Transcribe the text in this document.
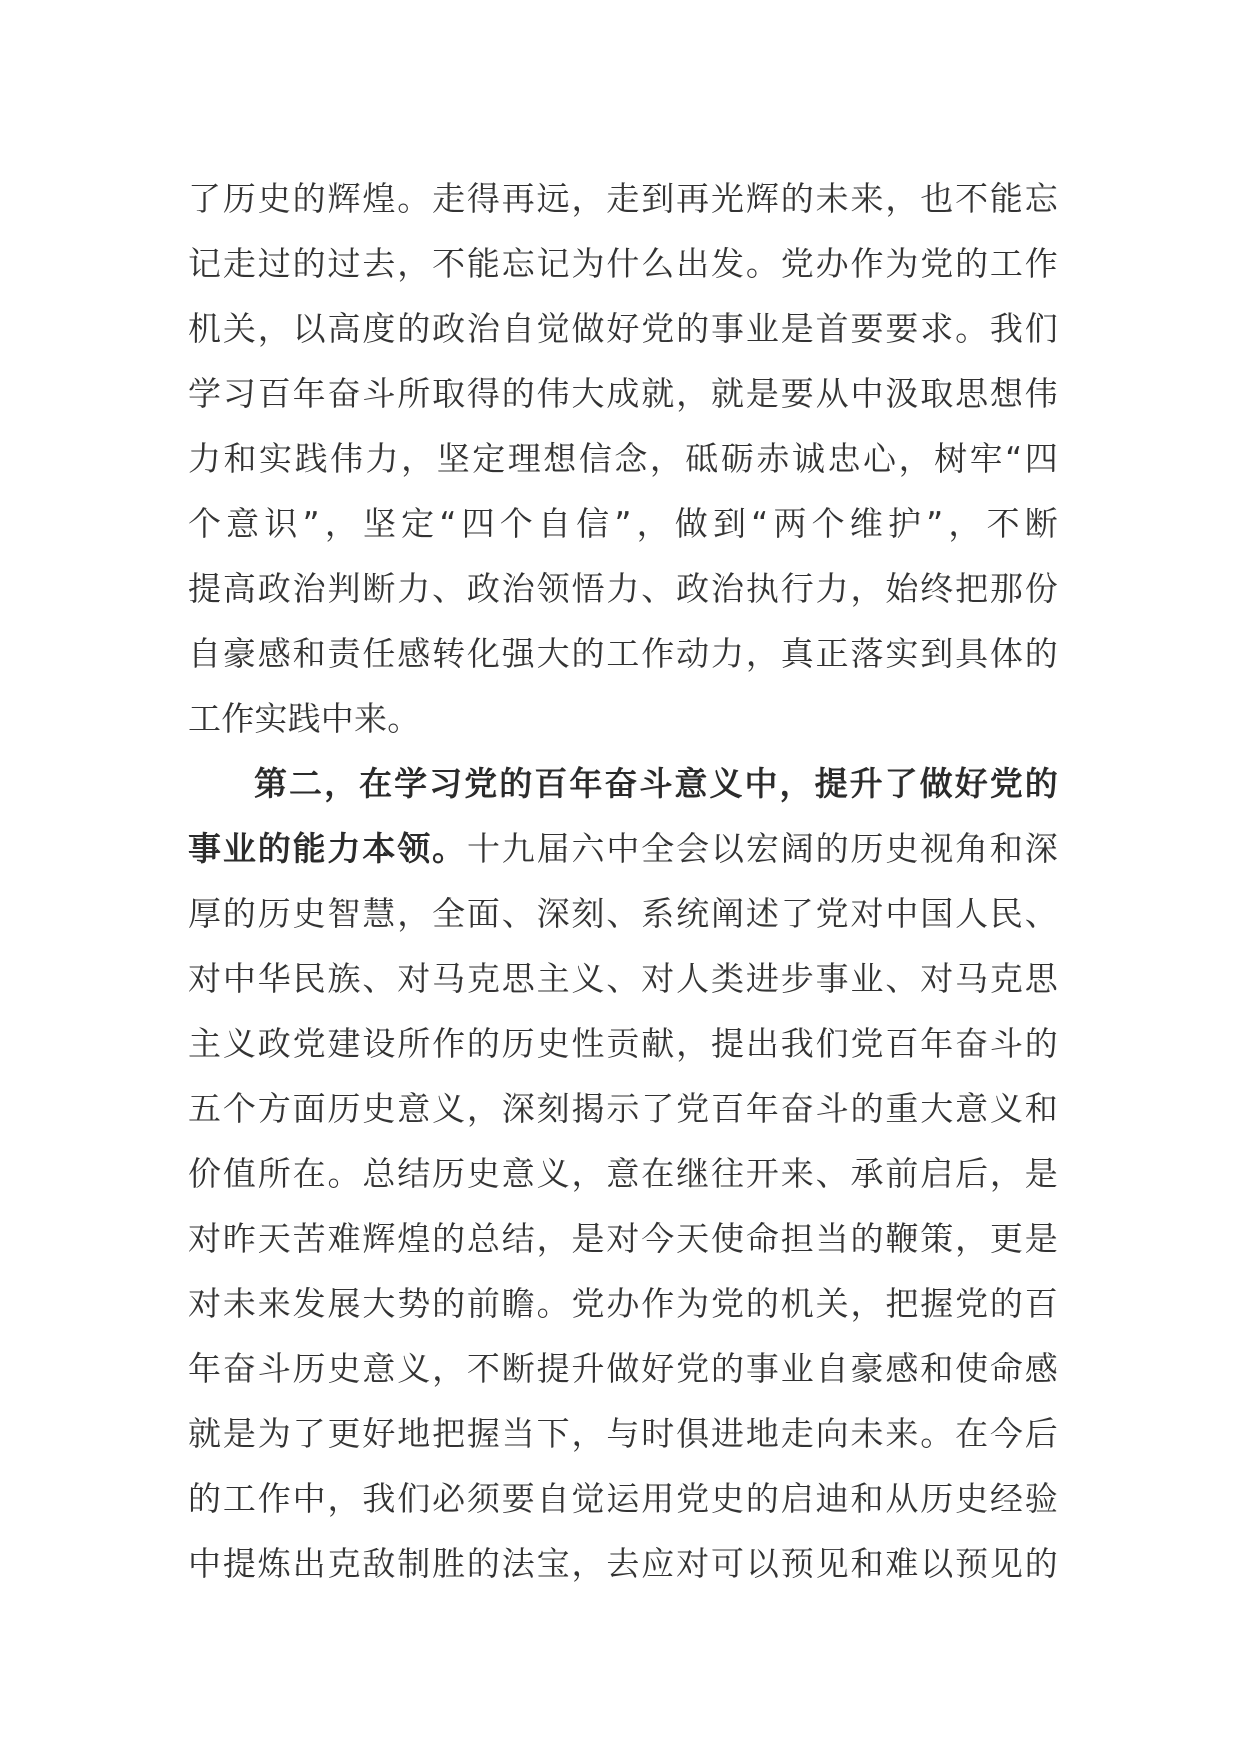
了历史的辉煌。走得再远，走到再光辉的未来，也不能忘
记走过的过去，不能忘记为什么出发。党办作为党的工作
机关，以高度的政治自觉做好党的事业是首要要求。我们
学习百年奋斗所取得的伟大成就，就是要从中汲取思想伟
力和实践伟力，坚定理想信念，砥砺赤诚忠心，树牢“四
个意识”，坚定“四个自信”，做到“两个维护”，不断
提高政治判断力、政治领悟力、政治执行力，始终把那份
自豪感和责任感转化强大的工作动力，真正落实到具体的
工作实践中来。
第二，在学习党的百年奋斗意义中，提升了做好党的
事业的能力本领。十九届六中全会以宏阔的历史视角和深
厚的历史智慧，全面、深刻、系统阐述了党对中国人民、
对中华民族、对马克思主义、对人类进步事业、对马克思
主义政党建设所作的历史性贡献，提出我们党百年奋斗的
五个方面历史意义，深刻揭示了党百年奋斗的重大意义和
价值所在。总结历史意义，意在继往开来、承前启后，是
对昨天苦难辉煌的总结，是对今天使命担当的鞭策，更是
对未来发展大势的前瞻。党办作为党的机关，把握党的百
年奋斗历史意义，不断提升做好党的事业自豪感和使命感
就是为了更好地把握当下，与时俱进地走向未来。在今后
的工作中，我们必须要自觉运用党史的启迪和从历史经验
中提炼出克敌制胜的法宝，去应对可以预见和难以预见的
